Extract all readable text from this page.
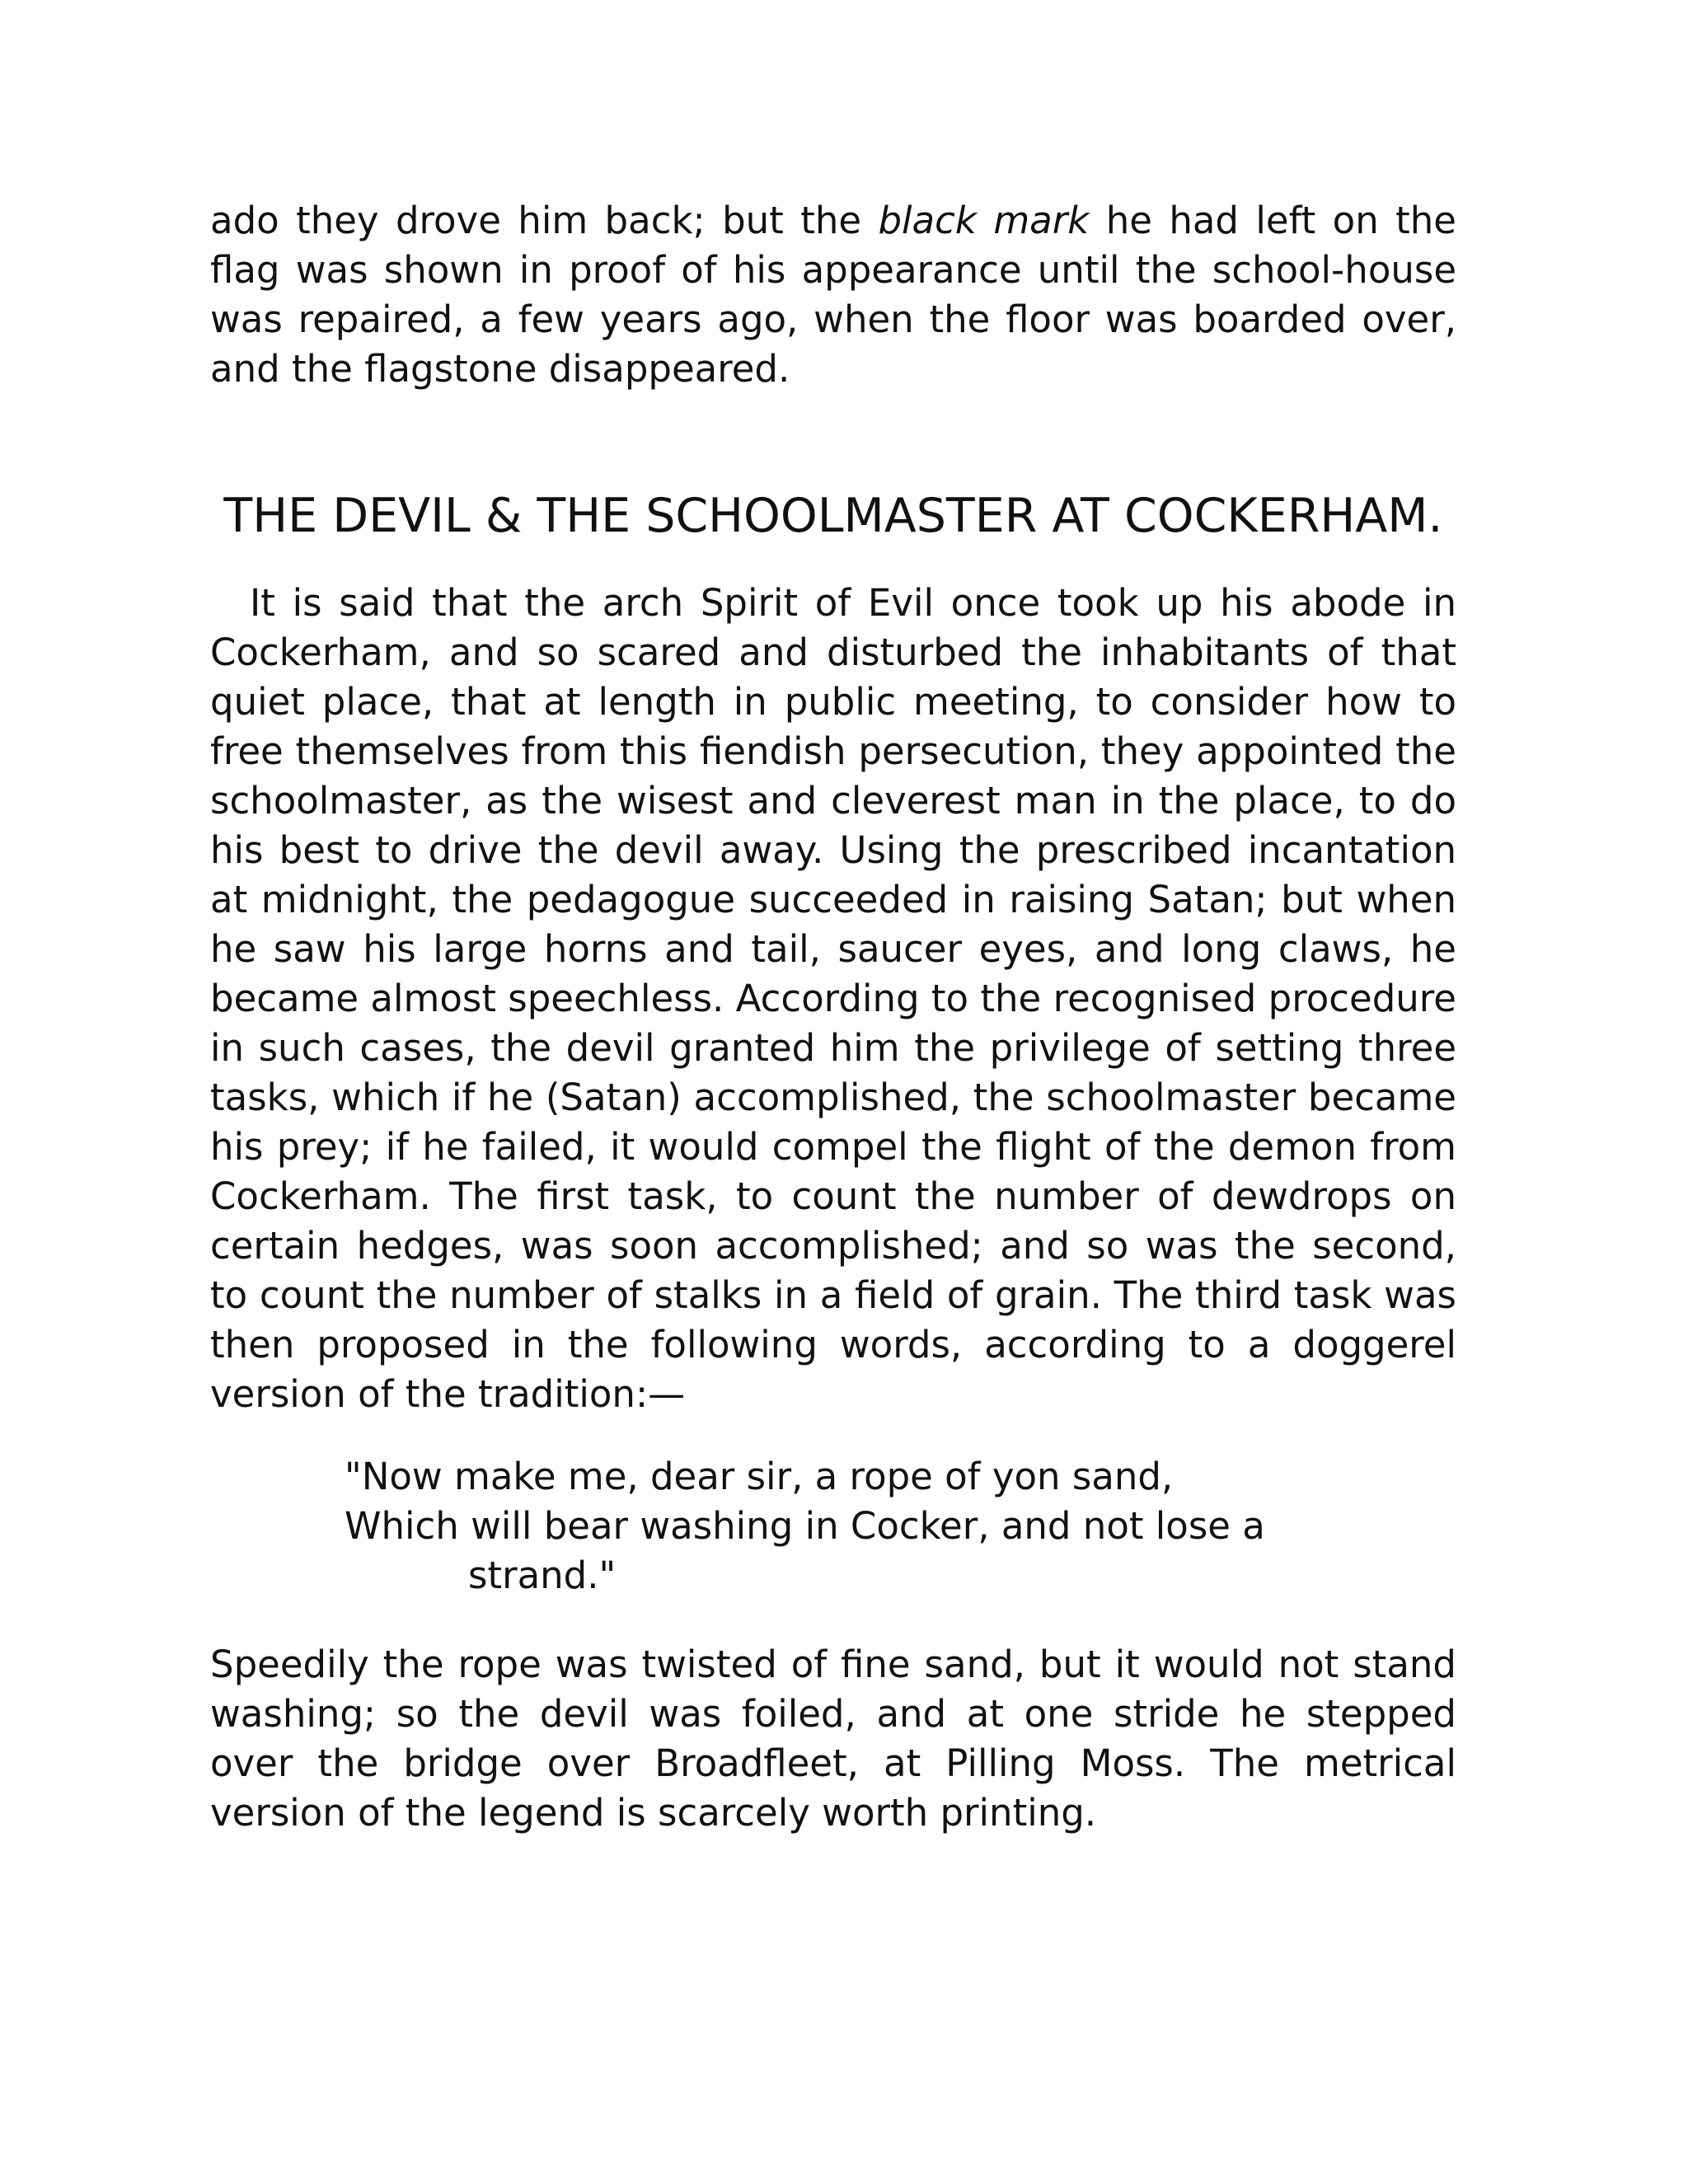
ado they drove him back; but the black mark he had left on the flag was shown in proof of his appearance until the school-house was repaired, a few years ago, when the floor was boarded over, and the flagstone disappeared.

THE DEVIL & THE SCHOOLMASTER AT COCKERHAM.

It is said that the arch Spirit of Evil once took up his abode in Cockerham, and so scared and disturbed the inhabitants of that quiet place, that at length in public meeting, to consider how to free themselves from this fiendish persecution, they appointed the schoolmaster, as the wisest and cleverest man in the place, to do his best to drive the devil away. Using the prescribed incantation at midnight, the pedagogue succeeded in raising Satan; but when he saw his large horns and tail, saucer eyes, and long claws, he became almost speechless. According to the recognised procedure in such cases, the devil granted him the privilege of setting three tasks, which if he (Satan) accomplished, the schoolmaster became his prey; if he failed, it would compel the flight of the demon from Cockerham. The first task, to count the number of dewdrops on certain hedges, was soon accomplished; and so was the second, to count the number of stalks in a field of grain. The third task was then proposed in the following words, according to a doggerel version of the tradition:—

"Now make me, dear sir, a rope of yon sand,
Which will bear washing in Cocker, and not lose a
strand."

Speedily the rope was twisted of fine sand, but it would not stand washing; so the devil was foiled, and at one stride he stepped over the bridge over Broadfleet, at Pilling Moss. The metrical version of the legend is scarcely worth printing.
